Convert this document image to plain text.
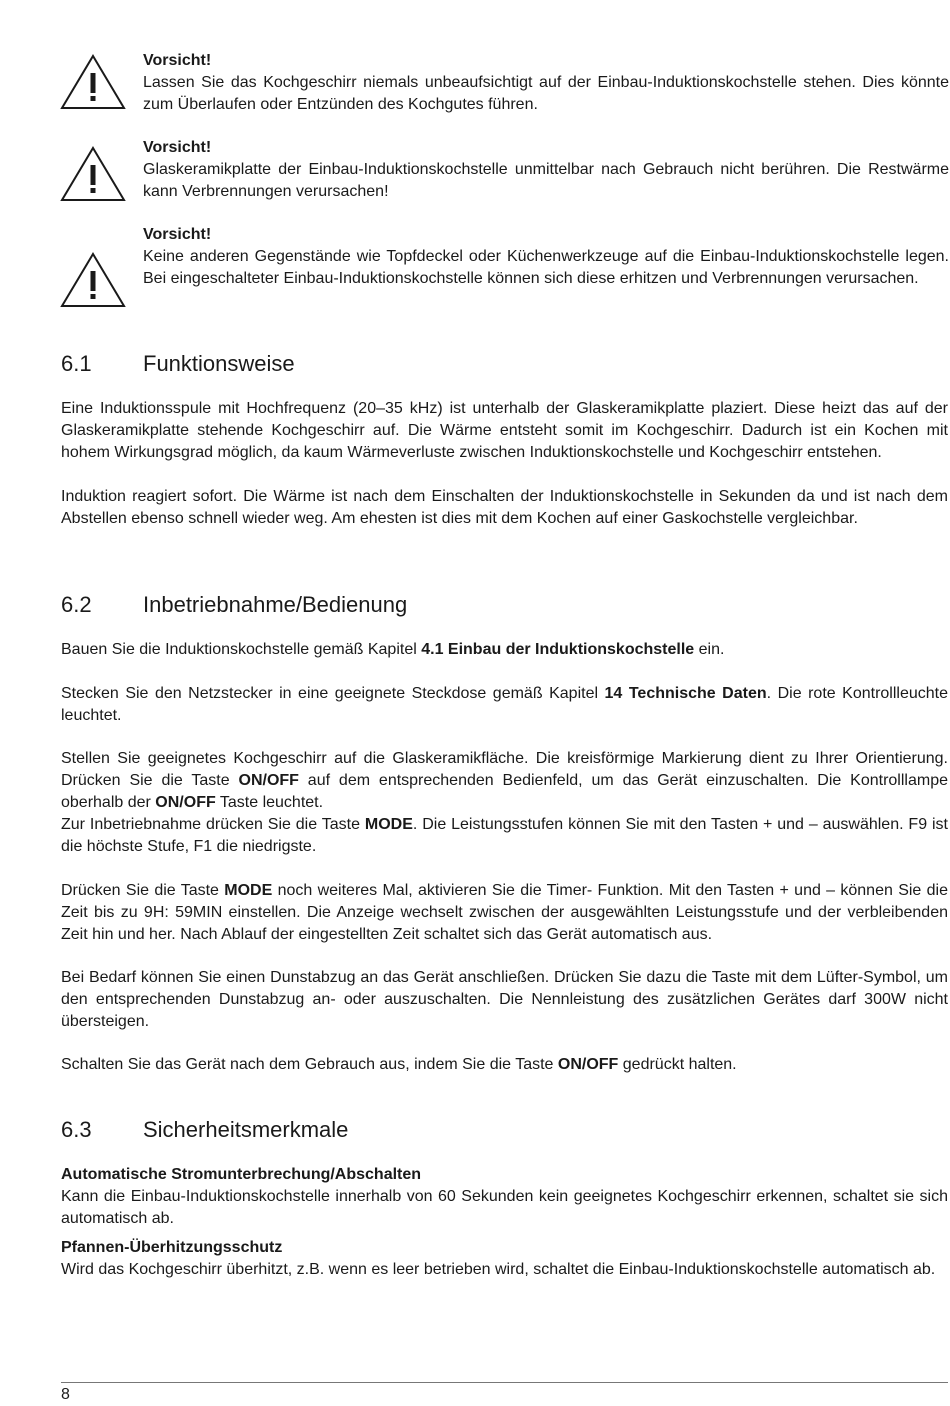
Vorsicht!
Lassen Sie das Kochgeschirr niemals unbeaufsichtigt auf der Einbau-Induktionskochstelle stehen. Dies könnte zum Überlaufen oder Entzünden des Kochgutes führen.
Vorsicht!
Glaskeramikplatte der Einbau-Induktionskochstelle unmittelbar nach Gebrauch nicht berühren. Die Restwärme kann Verbrennungen verursachen!
Vorsicht!
Keine anderen Gegenstände wie Topfdeckel oder Küchenwerkzeuge auf die Einbau-Induktionskochstelle legen. Bei eingeschalteter Einbau-Induktionskochstelle können sich diese erhitzen und Verbrennungen verursachen.
6.1 Funktionsweise
Eine Induktionsspule mit Hochfrequenz (20–35 kHz) ist unterhalb der Glaskeramikplatte plaziert. Diese heizt das auf der Glaskeramikplatte stehende Kochgeschirr auf. Die Wärme entsteht somit im Kochgeschirr. Dadurch ist ein Kochen mit hohem Wirkungsgrad möglich, da kaum Wärmeverluste zwischen Induktionskochstelle und Kochgeschirr entstehen.
Induktion reagiert sofort. Die Wärme ist nach dem Einschalten der Induktionskochstelle in Sekunden da und ist nach dem Abstellen ebenso schnell wieder weg. Am ehesten ist dies mit dem Kochen auf einer Gaskochstelle vergleichbar.
6.2 Inbetriebnahme/Bedienung
Bauen Sie die Induktionskochstelle gemäß Kapitel 4.1 Einbau der Induktionskochstelle ein.
Stecken Sie den Netzstecker in eine geeignete Steckdose gemäß Kapitel 14 Technische Daten. Die rote Kontrollleuchte leuchtet.
Stellen Sie geeignetes Kochgeschirr auf die Glaskeramikfläche. Die kreisförmige Markierung dient zu Ihrer Orientierung. Drücken Sie die Taste ON/OFF auf dem entsprechenden Bedienfeld, um das Gerät einzuschalten. Die Kontrolllampe oberhalb der ON/OFF Taste leuchtet.
Zur Inbetriebnahme drücken Sie die Taste MODE. Die Leistungsstufen können Sie mit den Tasten + und – auswählen. F9 ist die höchste Stufe, F1 die niedrigste.
Drücken Sie die Taste MODE noch weiteres Mal, aktivieren Sie die Timer- Funktion. Mit den Tasten + und – können Sie die Zeit bis zu 9H: 59MIN einstellen. Die Anzeige wechselt zwischen der ausgewählten Leistungsstufe und der verbleibenden Zeit hin und her. Nach Ablauf der eingestellten Zeit schaltet sich das Gerät automatisch aus.
Bei Bedarf können Sie einen Dunstabzug an das Gerät anschließen. Drücken Sie dazu die Taste mit dem Lüfter-Symbol, um den entsprechenden Dunstabzug an- oder auszuschalten. Die Nennleistung des zusätzlichen Gerätes darf 300W nicht übersteigen.
Schalten Sie das Gerät nach dem Gebrauch aus, indem Sie die Taste ON/OFF gedrückt halten.
6.3 Sicherheitsmerkmale
Automatische Stromunterbrechung/Abschalten
Kann die Einbau-Induktionskochstelle innerhalb von 60 Sekunden kein geeignetes Kochgeschirr erkennen, schaltet sie sich automatisch ab.
Pfannen-Überhitzungsschutz
Wird das Kochgeschirr überhitzt, z.B. wenn es leer betrieben wird, schaltet die Einbau-Induktionskochstelle automatisch ab.
8
